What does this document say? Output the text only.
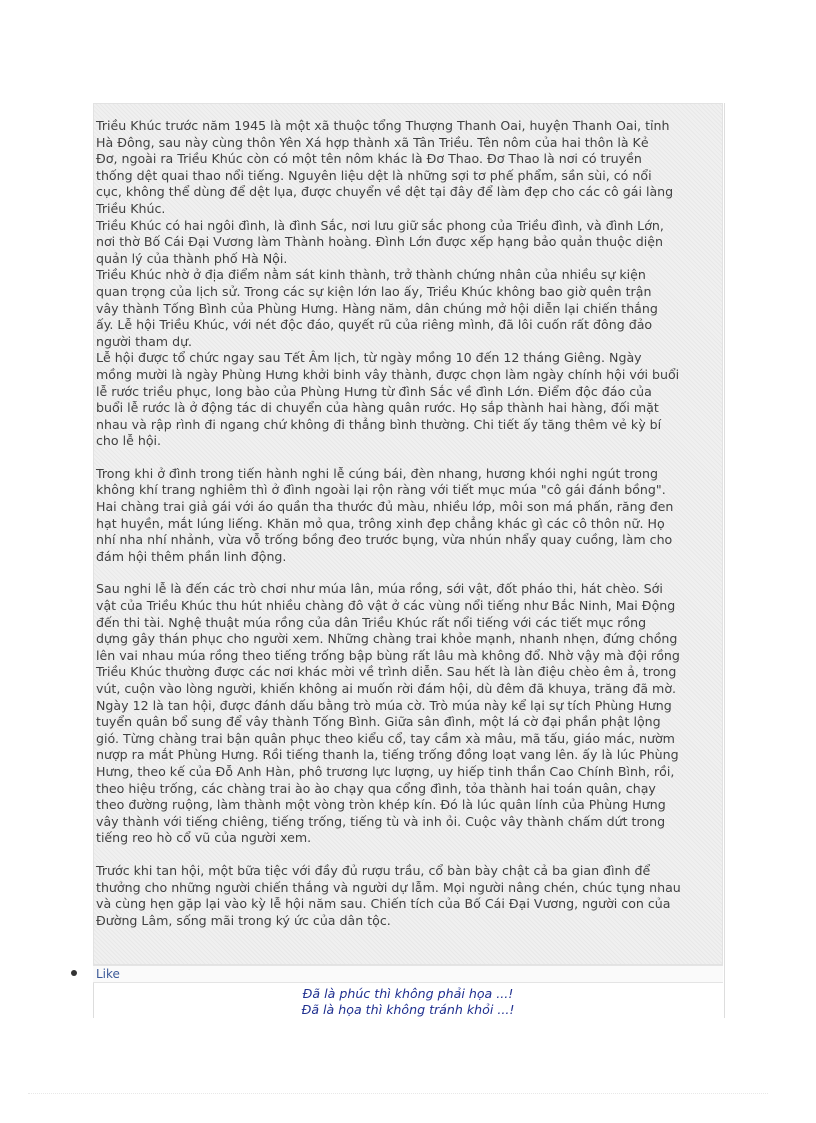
Triều Khúc trước năm 1945 là một xã thuộc tổng Thượng Thanh Oai, huyện Thanh Oai, tỉnh
Hà Đông, sau này cùng thôn Yên Xá hợp thành xã Tân Triều. Tên nôm của hai thôn là Kẻ
Đơ, ngoài ra Triều Khúc còn có một tên nôm khác là Đơ Thao. Đơ Thao là nơi có truyền
thống dệt quai thao nổi tiếng. Nguyên liệu dệt là những sợi tơ phế phẩm, sần sùi, có nổi
cục, không thể dùng để dệt lụa, được chuyển về dệt tại đây để làm đẹp cho các cô gái làng
Triều Khúc.

Triều Khúc có hai ngôi đình, là đình Sắc, nơi lưu giữ sắc phong của Triều đình, và đình Lớn,
nơi thờ Bố Cái Đại Vương làm Thành hoàng. Đình Lớn được xếp hạng bảo quản thuộc diện
quản lý của thành phố Hà Nội.

Triều Khúc nhờ ở địa điểm nằm sát kinh thành, trở thành chứng nhân của nhiều sự kiện
quan trọng của lịch sử. Trong các sự kiện lớn lao ấy, Triều Khúc không bao giờ quên trận
vây thành Tống Bình của Phùng Hưng. Hàng năm, dân chúng mở hội diễn lại chiến thắng
ấy. Lễ hội Triều Khúc, với nét độc đáo, quyết rũ của riêng mình, đã lôi cuốn rất đông đảo
người tham dự.

Lễ hội được tổ chức ngay sau Tết Âm lịch, từ ngày mồng 10 đến 12 tháng Giêng. Ngày
mồng mười là ngày Phùng Hưng khởi binh vây thành, được chọn làm ngày chính hội với buổi
lễ rước triều phục, long bào của Phùng Hưng từ đình Sắc về đình Lớn. Điểm độc đáo của
buổi lễ rước là ở động tác di chuyển của hàng quân rước. Họ sắp thành hai hàng, đối mặt
nhau và rập rình đi ngang chứ không đi thẳng bình thường. Chi tiết ấy tăng thêm vẻ kỳ bí
cho lễ hội.

Trong khi ở đình trong tiến hành nghi lễ cúng bái, đèn nhang, hương khói nghi ngút trong
không khí trang nghiêm thì ở đình ngoài lại rộn ràng với tiết mục múa "cô gái đánh bồng".
Hai chàng trai giả gái với áo quần tha thước đủ màu, nhiều lớp, môi son má phấn, răng đen
hạt huyền, mắt lúng liếng. Khăn mỏ qua, trông xinh đẹp chẳng khác gì các cô thôn nữ. Họ
nhí nha nhí nhảnh, vừa vỗ trống bồng đeo trước bụng, vừa nhún nhẩy quay cuồng, làm cho
đám hội thêm phần linh động.

Sau nghi lễ là đến các trò chơi như múa lân, múa rồng, sới vật, đốt pháo thi, hát chèo. Sới
vật của Triều Khúc thu hút nhiều chàng đô vật ở các vùng nổi tiếng như Bắc Ninh, Mai Động
đến thi tài. Nghệ thuật múa rồng của dân Triều Khúc rất nổi tiếng với các tiết mục rồng
dựng gây thán phục cho người xem. Những chàng trai khỏe mạnh, nhanh nhẹn, đứng chồng
lên vai nhau múa rồng theo tiếng trống bập bùng rất lâu mà không đổ. Nhờ vậy mà đội rồng
Triều Khúc thường được các nơi khác mời về trình diễn. Sau hết là làn điệu chèo êm ả, trong
vút, cuộn vào lòng người, khiến không ai muốn rời đám hội, dù đêm đã khuya, trăng đã mờ.
Ngày 12 là tan hội, được đánh dấu bằng trò múa cờ. Trò múa này kể lại sự tích Phùng Hưng
tuyển quân bổ sung để vây thành Tống Bình. Giữa sân đình, một lá cờ đại phần phật lộng
gió. Từng chàng trai bận quân phục theo kiểu cổ, tay cầm xà mâu, mã tấu, giáo mác, nườm
nượp ra mắt Phùng Hưng. Rồi tiếng thanh la, tiếng trống đồng loạt vang lên. ấy là lúc Phùng
Hưng, theo kế của Đỗ Anh Hàn, phô trương lực lượng, uy hiếp tinh thần Cao Chính Bình, rồi,
theo hiệu trống, các chàng trai ào ào chạy qua cổng đình, tỏa thành hai toán quân, chạy
theo đường ruộng, làm thành một vòng tròn khép kín. Đó là lúc quân lính của Phùng Hưng
vây thành với tiếng chiêng, tiếng trống, tiếng tù và inh ỏi. Cuộc vây thành chấm dứt trong
tiếng reo hò cổ vũ của người xem.

Trước khi tan hội, một bữa tiệc với đầy đủ rượu trầu, cổ bàn bày chật cả ba gian đình để
thưởng cho những người chiến thắng và người dự lẫm. Mọi người nâng chén, chúc tụng nhau
và cùng hẹn gặp lại vào kỳ lễ hội năm sau. Chiến tích của Bố Cái Đại Vương, người con của
Đường Lâm, sống mãi trong ký ức của dân tộc.

Like
Đã là phúc thì không phải họa ...!
Đã là họa thì không tránh khỏi ...!
